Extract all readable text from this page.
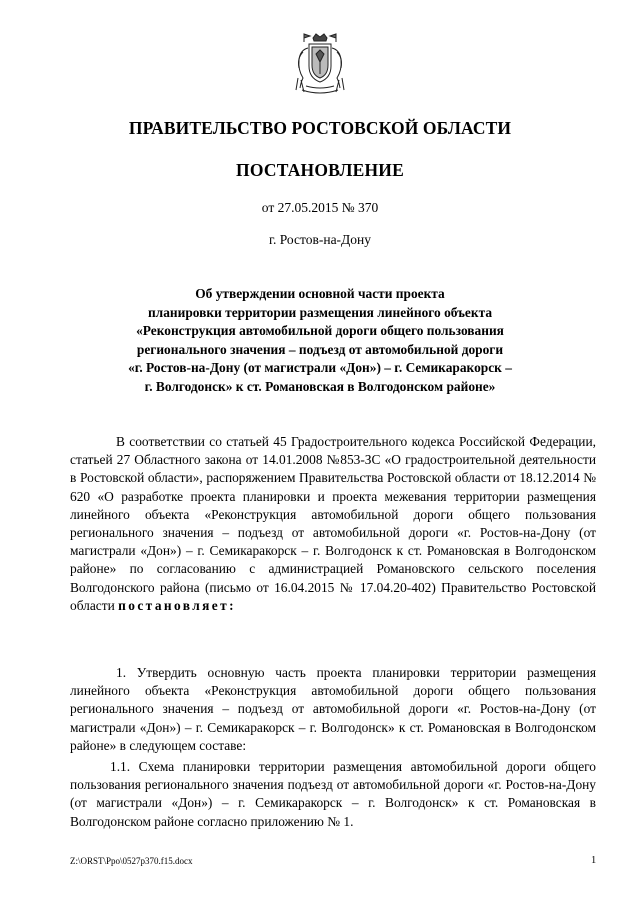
ПРАВИТЕЛЬСТВО РОСТОВСКОЙ ОБЛАСТИ
ПОСТАНОВЛЕНИЕ
от 27.05.2015 № 370
г. Ростов-на-Дону
Об утверждении основной части проекта
планировки территории размещения линейного объекта
«Реконструкция автомобильной дороги общего пользования
регионального значения – подъезд от автомобильной дороги
«г. Ростов-на-Дону (от магистрали «Дон») – г. Семикаракорск –
г. Волгодонск» к ст. Романовская в Волгодонском районе»
В соответствии со статьей 45 Градостроительного кодекса Российской Федерации, статьей 27 Областного закона от 14.01.2008 №853-ЗС «О градостроительной деятельности в Ростовской области», распоряжением Правительства Ростовской области от 18.12.2014 № 620 «О разработке проекта планировки и проекта межевания территории размещения линейного объекта «Реконструкция автомобильной дороги общего пользования регионального значения – подъезд от автомобильной дороги «г. Ростов-на-Дону (от магистрали «Дон») – г. Семикаракорск – г. Волгодонск к ст. Романовская в Волгодонском районе» по согласованию с администрацией Романовского сельского поселения Волгодонского района (письмо от 16.04.2015 № 17.04.20-402) Правительство Ростовской области постановляет:
1. Утвердить основную часть проекта планировки территории размещения линейного объекта «Реконструкция автомобильной дороги общего пользования регионального значения – подъезд от автомобильной дороги «г. Ростов-на-Дону (от магистрали «Дон») – г. Семикаракорск – г. Волгодонск» к ст. Романовская в Волгодонском районе» в следующем составе:
1.1. Схема планировки территории размещения автомобильной дороги общего пользования регионального значения подъезд от автомобильной дороги «г. Ростов-на-Дону (от магистрали «Дон») – г. Семикаракорск – г. Волгодонск» к ст. Романовская в Волгодонском районе согласно приложению № 1.
Z:\ORST\Ppo\0527p370.f15.docx	1
